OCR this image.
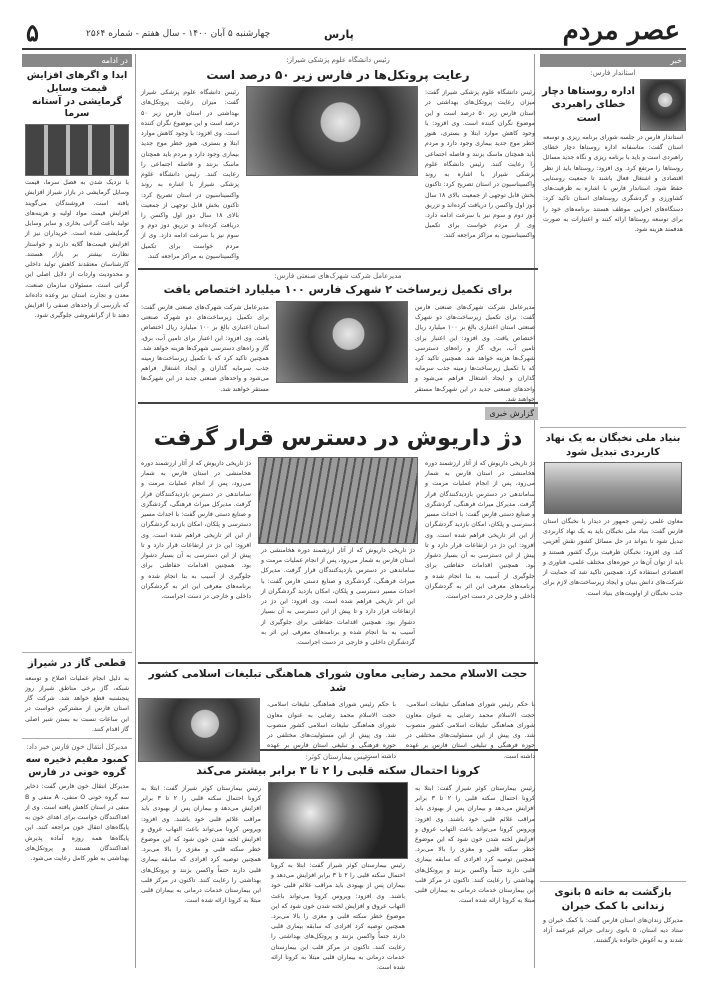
عصر مردم
پارس
چهارشنبه ۵ آبان ۱۴۰۰ - سال هفتم - شماره ۲۵۶۴
۵
خبر
استاندار فارس:
اداره روستاها دچار خطای راهبردی است

استاندار فارس در جلسه شورای برنامه ریزی و توسعه استان گفت: متاسفانه اداره روستاها دچار خطای راهبردی است و باید با برنامه ریزی و نگاه جدید مسائل روستاها را مرتفع کرد. وی افزود: روستاها باید از نظر اقتصادی و اشتغال فعال باشند تا جمعیت روستایی حفظ شود. استاندار فارس با اشاره به ظرفیت‌های کشاورزی و گردشگری روستاهای استان تاکید کرد: دستگاه‌های اجرایی موظف هستند برنامه‌های خود را برای توسعه روستاها ارائه کنند و اعتبارات به صورت هدفمند هزینه شود.

بنیاد ملی نخبگان به یک نهاد کاربردی تبدیل شود

معاون علمی رئیس جمهور در دیدار با نخبگان استان فارس گفت: بنیاد ملی نخبگان باید به یک نهاد کاربردی تبدیل شود تا بتواند در حل مسائل کشور نقش آفرینی کند. وی افزود: نخبگان ظرفیت بزرگ کشور هستند و باید از توان آن‌ها در حوزه‌های مختلف علمی، فناوری و اقتصادی استفاده کرد. همچنین تاکید شد که حمایت از شرکت‌های دانش بنیان و ایجاد زیرساخت‌های لازم برای جذب نخبگان از اولویت‌های بنیاد است.

بازگشت به خانه ۵ بانوی زندانی با کمک خیران

مدیرکل زندان‌های استان فارس گفت: با کمک خیران و ستاد دیه استان، ۵ بانوی زندانی جرائم غیرعمد آزاد شدند و به آغوش خانواده بازگشتند.

رئیس دانشگاه علوم پزشکی شیراز:
رعایت پروتکل‌ها در فارس زیر ۵۰ درصد است

رئیس دانشگاه علوم پزشکی شیراز گفت: میزان رعایت پروتکل‌های بهداشتی در استان فارس زیر ۵۰ درصد است و این موضوع نگران کننده است. وی افزود: با وجود کاهش موارد ابتلا و بستری، هنوز خطر موج جدید بیماری وجود دارد و مردم باید همچنان ماسک بزنند و فاصله اجتماعی را رعایت کنند. رئیس دانشگاه علوم پزشکی شیراز با اشاره به روند واکسیناسیون در استان تصریح کرد: تاکنون بخش قابل توجهی از جمعیت بالای ۱۸ سال دوز اول واکسن را دریافت کرده‌اند و تزریق دوز دوم و سوم نیز با سرعت ادامه دارد. وی از مردم خواست برای تکمیل واکسیناسیون به مراکز مراجعه کنند.

رئیس دانشگاه علوم پزشکی شیراز گفت: میزان رعایت پروتکل‌های بهداشتی در استان فارس زیر ۵۰ درصد است و این موضوع نگران کننده است. وی افزود: با وجود کاهش موارد ابتلا و بستری، هنوز خطر موج جدید بیماری وجود دارد و مردم باید همچنان ماسک بزنند و فاصله اجتماعی را رعایت کنند. رئیس دانشگاه علوم پزشکی شیراز با اشاره به روند واکسیناسیون در استان تصریح کرد: تاکنون بخش قابل توجهی از جمعیت بالای ۱۸ سال دوز اول واکسن را دریافت کرده‌اند و تزریق دوز دوم و سوم نیز با سرعت ادامه دارد. وی از مردم خواست برای تکمیل واکسیناسیون به مراکز مراجعه کنند.

مدیرعامل شرکت شهرک‌های صنعتی فارس:
برای تکمیل زیرساخت ۲ شهرک فارس ۱۰۰ میلیارد اختصاص یافت

مدیرعامل شرکت شهرک‌های صنعتی فارس گفت: برای تکمیل زیرساخت‌های دو شهرک صنعتی استان اعتباری بالغ بر ۱۰۰ میلیارد ریال اختصاص یافت. وی افزود: این اعتبار برای تامین آب، برق، گاز و راه‌های دسترسی شهرک‌ها هزینه خواهد شد. همچنین تاکید کرد که با تکمیل زیرساخت‌ها زمینه جذب سرمایه گذاران و ایجاد اشتغال فراهم می‌شود و واحدهای صنعتی جدید در این شهرک‌ها مستقر خواهند شد.

مدیرعامل شرکت شهرک‌های صنعتی فارس گفت: برای تکمیل زیرساخت‌های دو شهرک صنعتی استان اعتباری بالغ بر ۱۰۰ میلیارد ریال اختصاص یافت. وی افزود: این اعتبار برای تامین آب، برق، گاز و راه‌های دسترسی شهرک‌ها هزینه خواهد شد. همچنین تاکید کرد که با تکمیل زیرساخت‌ها زمینه جذب سرمایه گذاران و ایجاد اشتغال فراهم می‌شود و واحدهای صنعتی جدید در این شهرک‌ها مستقر خواهند شد.

گزارش خبری
دژ داریوش در دسترس قرار گرفت

دژ تاریخی داریوش که از آثار ارزشمند دوره هخامنشی در استان فارس به شمار می‌رود، پس از انجام عملیات مرمت و ساماندهی در دسترس بازدیدکنندگان قرار گرفت. مدیرکل میراث فرهنگی، گردشگری و صنایع دستی فارس گفت: با احداث مسیر دسترسی و پلکان، امکان بازدید گردشگران از این اثر تاریخی فراهم شده است. وی افزود: این دژ در ارتفاعات قرار دارد و تا پیش از این دسترسی به آن بسیار دشوار بود. همچنین اقدامات حفاظتی برای جلوگیری از آسیب به بنا انجام شده و برنامه‌های معرفی این اثر به گردشگران داخلی و خارجی در دست اجراست.

دژ تاریخی داریوش که از آثار ارزشمند دوره هخامنشی در استان فارس به شمار می‌رود، پس از انجام عملیات مرمت و ساماندهی در دسترس بازدیدکنندگان قرار گرفت. مدیرکل میراث فرهنگی، گردشگری و صنایع دستی فارس گفت: با احداث مسیر دسترسی و پلکان، امکان بازدید گردشگران از این اثر تاریخی فراهم شده است. وی افزود: این دژ در ارتفاعات قرار دارد و تا پیش از این دسترسی به آن بسیار دشوار بود. همچنین اقدامات حفاظتی برای جلوگیری از آسیب به بنا انجام شده و برنامه‌های معرفی این اثر به گردشگران داخلی و خارجی در دست اجراست.

دژ تاریخی داریوش که از آثار ارزشمند دوره هخامنشی در استان فارس به شمار می‌رود، پس از انجام عملیات مرمت و ساماندهی در دسترس بازدیدکنندگان قرار گرفت. مدیرکل میراث فرهنگی، گردشگری و صنایع دستی فارس گفت: با احداث مسیر دسترسی و پلکان، امکان بازدید گردشگران از این اثر تاریخی فراهم شده است. وی افزود: این دژ در ارتفاعات قرار دارد و تا پیش از این دسترسی به آن بسیار دشوار بود. همچنین اقدامات حفاظتی برای جلوگیری از آسیب به بنا انجام شده و برنامه‌های معرفی این اثر به گردشگران داخلی و خارجی در دست اجراست.

حجت الاسلام محمد رضایی معاون شورای هماهنگی تبلیغات اسلامی کشور شد

با حکم رئیس شورای هماهنگی تبلیغات اسلامی، حجت الاسلام محمد رضایی به عنوان معاون شورای هماهنگی تبلیغات اسلامی کشور منصوب شد. وی پیش از این مسئولیت‌های مختلفی در حوزه فرهنگی و تبلیغی استان فارس بر عهده داشته است.

با حکم رئیس شورای هماهنگی تبلیغات اسلامی، حجت الاسلام محمد رضایی به عنوان معاون شورای هماهنگی تبلیغات اسلامی کشور منصوب شد. وی پیش از این مسئولیت‌های مختلفی در حوزه فرهنگی و تبلیغی استان فارس بر عهده داشته است.

رئیس بیمارستان کوثر:
کرونا احتمال سکته قلبی را ۲ تا ۳ برابر بیشتر می‌کند

رئیس بیمارستان کوثر شیراز گفت: ابتلا به کرونا احتمال سکته قلبی را ۲ تا ۳ برابر افزایش می‌دهد و بیماران پس از بهبودی باید مراقب علائم قلبی خود باشند. وی افزود: ویروس کرونا می‌تواند باعث التهاب عروق و افزایش لخته شدن خون شود که این موضوع خطر سکته قلبی و مغزی را بالا می‌برد. همچنین توصیه کرد افرادی که سابقه بیماری قلبی دارند حتماً واکسن بزنند و پروتکل‌های بهداشتی را رعایت کنند. تاکنون در مرکز قلب این بیمارستان خدمات درمانی به بیماران قلبی مبتلا به کرونا ارائه شده است.

رئیس بیمارستان کوثر شیراز گفت: ابتلا به کرونا احتمال سکته قلبی را ۲ تا ۳ برابر افزایش می‌دهد و بیماران پس از بهبودی باید مراقب علائم قلبی خود باشند. وی افزود: ویروس کرونا می‌تواند باعث التهاب عروق و افزایش لخته شدن خون شود که این موضوع خطر سکته قلبی و مغزی را بالا می‌برد. همچنین توصیه کرد افرادی که سابقه بیماری قلبی دارند حتماً واکسن بزنند و پروتکل‌های بهداشتی را رعایت کنند. تاکنون در مرکز قلب این بیمارستان خدمات درمانی به بیماران قلبی مبتلا به کرونا ارائه شده است.

رئیس بیمارستان کوثر شیراز گفت: ابتلا به کرونا احتمال سکته قلبی را ۲ تا ۳ برابر افزایش می‌دهد و بیماران پس از بهبودی باید مراقب علائم قلبی خود باشند. وی افزود: ویروس کرونا می‌تواند باعث التهاب عروق و افزایش لخته شدن خون شود که این موضوع خطر سکته قلبی و مغزی را بالا می‌برد. همچنین توصیه کرد افرادی که سابقه بیماری قلبی دارند حتماً واکسن بزنند و پروتکل‌های بهداشتی را رعایت کنند. تاکنون در مرکز قلب این بیمارستان خدمات درمانی به بیماران قلبی مبتلا به کرونا ارائه شده است.

در ادامه
ابدا و اگرهای افزایش قیمت وسایل گرمایشی در آستانه سرما

با نزدیک شدن به فصل سرما، قیمت وسایل گرمایشی در بازار شیراز افزایش یافته است. فروشندگان می‌گویند افزایش قیمت مواد اولیه و هزینه‌های تولید باعث گرانی بخاری و سایر وسایل گرمایشی شده است. خریداران نیز از افزایش قیمت‌ها گلایه دارند و خواستار نظارت بیشتر بر بازار هستند. کارشناسان معتقدند کاهش تولید داخلی و محدودیت واردات از دلایل اصلی این گرانی است. مسئولان سازمان صنعت، معدن و تجارت استان نیز وعده داده‌اند که بازرسی از واحدهای صنفی را افزایش دهند تا از گرانفروشی جلوگیری شود.

قطعی گاز در شیراز

به دلیل انجام عملیات اصلاح و توسعه شبکه، گاز برخی مناطق شیراز روز پنجشنبه قطع خواهد شد. شرکت گاز استان فارس از مشترکین خواست در این ساعات نسبت به بستن شیر اصلی گاز اقدام کنند.

مدیرکل انتقال خون فارس خبر داد:
کمبود مقیم ذخیره سه گروه خونی در فارس

مدیرکل انتقال خون فارس گفت: ذخایر سه گروه خونی O منفی، A منفی و B منفی در استان کاهش یافته است. وی از اهداکنندگان خواست برای اهدای خون به پایگاه‌های انتقال خون مراجعه کنند. این پایگاه‌ها همه روزه آماده پذیرش اهداکنندگان هستند و پروتکل‌های بهداشتی به طور کامل رعایت می‌شود.
